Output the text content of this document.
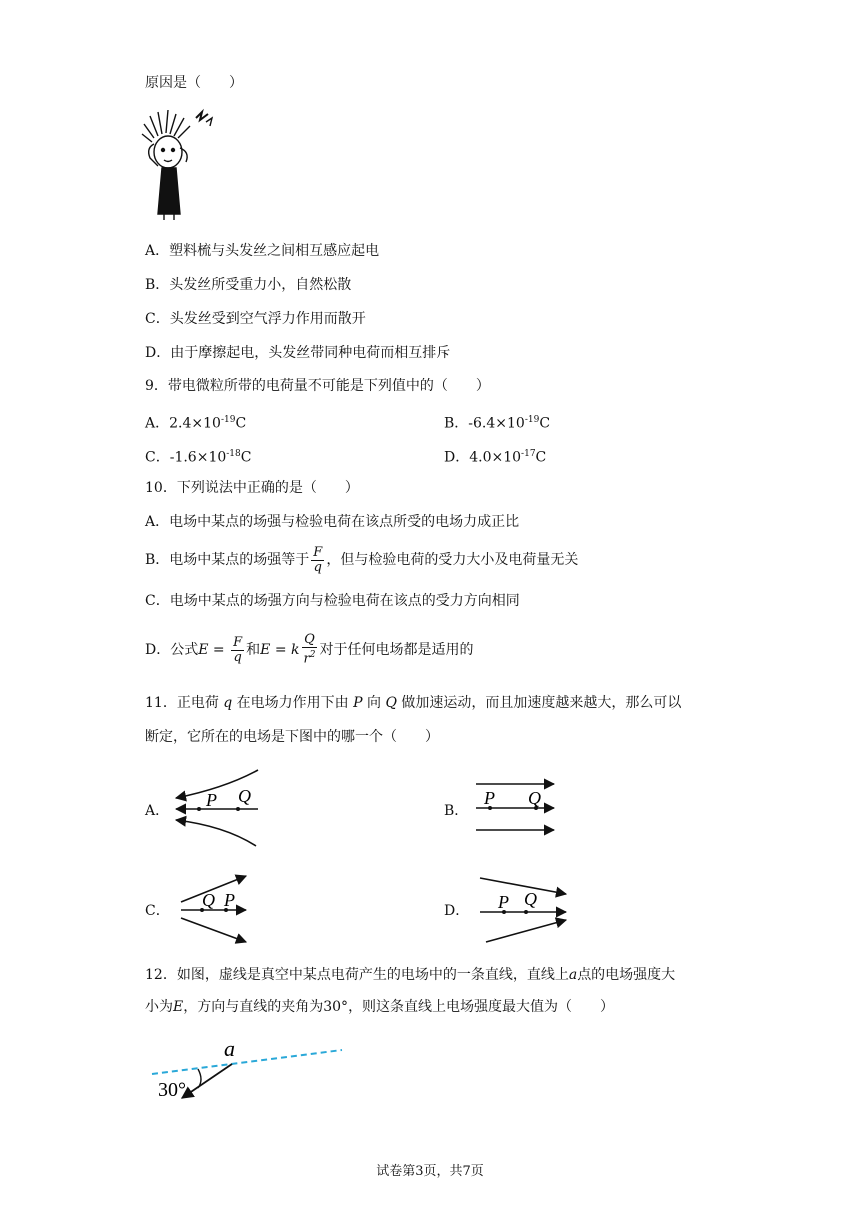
原因是（　　）
A．塑料梳与头发丝之间相互感应起电
B．头发丝所受重力小，自然松散
C．头发丝受到空气浮力作用而散开
D．由于摩擦起电，头发丝带同种电荷而相互排斥
9．带电微粒所带的电荷量不可能是下列值中的（　　）
A．$2.4\times 10^{-19}C$	B．$-6.4\times 10^{-19}C$
C．$-1.6\times 10^{-18}C$	D．$4.0\times 10^{-17}C$
10．下列说法中正确的是（　　）
A．电场中某点的场强与检验电荷在该点所受的电场力成正比
B．电场中某点的场强等于 $\frac{F}{q}$ ，但与检验电荷的受力大小及电荷量无关
C．电场中某点的场强方向与检验电荷在该点的受力方向相同
D．公式$E = \frac{F}{q}$ 和E = k $\frac{Q}{r^2}$ 对于任何电场都是适用的
11．正电荷 q 在电场力作用下由 P 向 Q 做加速运动，而且加速度越来越大，那么可以
断定，它所在的电场是下图中的哪一个（　　）
A．	B．
C．	D．
P Q	P Q
Q P	P Q
12．如图，虚线是真空中某点电荷产生的电场中的一条直线，直线上a点的电场强度大
小为E，方向与直线的夹角为30°，则这条直线上电场强度最大值为（　　）
a
30°
试卷第3页，共7页
